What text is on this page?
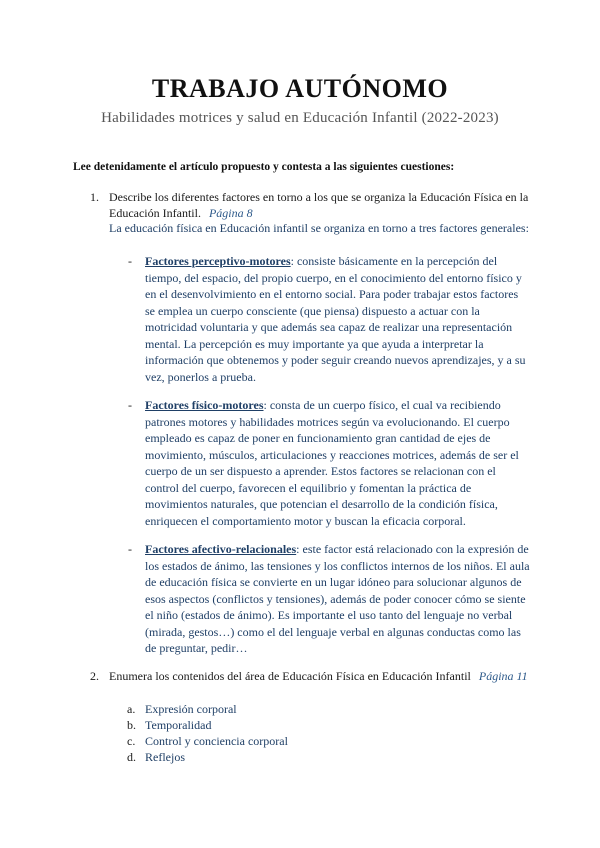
TRABAJO AUTÓNOMO
Habilidades motrices y salud en Educación Infantil (2022-2023)
Lee detenidamente el artículo propuesto y contesta a las siguientes cuestiones:
1. Describe los diferentes factores en torno a los que se organiza la Educación Física en la Educación Infantil. Página 8
La educación física en Educación infantil se organiza en torno a tres factores generales:
- Factores perceptivo-motores: consiste básicamente en la percepción del tiempo, del espacio, del propio cuerpo, en el conocimiento del entorno físico y en el desenvolvimiento en el entorno social. Para poder trabajar estos factores se emplea un cuerpo consciente (que piensa) dispuesto a actuar con la motricidad voluntaria y que además sea capaz de realizar una representación mental. La percepción es muy importante ya que ayuda a interpretar la información que obtenemos y poder seguir creando nuevos aprendizajes, y a su vez, ponerlos a prueba.
- Factores físico-motores: consta de un cuerpo físico, el cual va recibiendo patrones motores y habilidades motrices según va evolucionando. El cuerpo empleado es capaz de poner en funcionamiento gran cantidad de ejes de movimiento, músculos, articulaciones y reacciones motrices, además de ser el cuerpo de un ser dispuesto a aprender. Estos factores se relacionan con el control del cuerpo, favorecen el equilibrio y fomentan la práctica de movimientos naturales, que potencian el desarrollo de la condición física, enriquecen el comportamiento motor y buscan la eficacia corporal.
- Factores afectivo-relacionales: este factor está relacionado con la expresión de los estados de ánimo, las tensiones y los conflictos internos de los niños. El aula de educación física se convierte en un lugar idóneo para solucionar algunos de esos aspectos (conflictos y tensiones), además de poder conocer cómo se siente el niño (estados de ánimo). Es importante el uso tanto del lenguaje no verbal (mirada, gestos…) como el del lenguaje verbal en algunas conductas como las de preguntar, pedir…
2. Enumera los contenidos del área de Educación Física en Educación Infantil Página 11
a. Expresión corporal
b. Temporalidad
c. Control y conciencia corporal
d. Reflejos
